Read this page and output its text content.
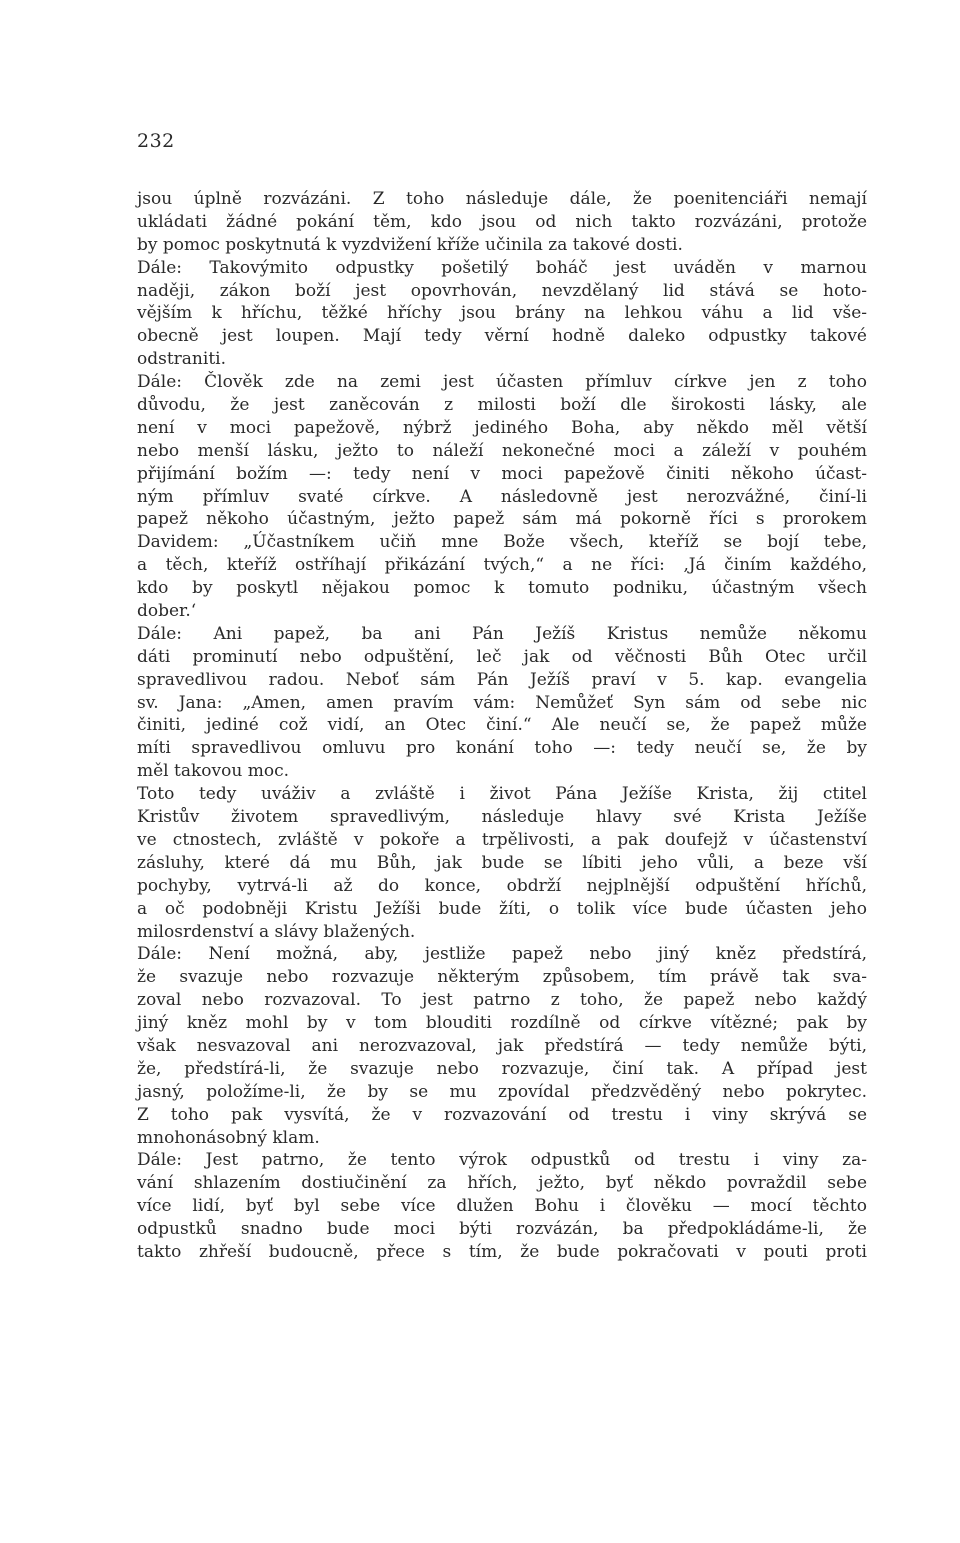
232
jsou úplně rozvázáni. Z toho následuje dále, že poenitenciáři nemají
ukládati žádné pokání těm, kdo jsou od nich takto rozvázáni, protože
by pomoc poskytnutá k vyzdvižení kříže učinila za takové dosti.
Dále: Takovýmito odpustky pošetilý boháč jest uváděn v marnou
naději, zákon boží jest opovrhován, nevzdělaný lid stává se hoto-
vějším k hříchu, těžké hříchy jsou brány na lehkou váhu a lid vše-
obecně jest loupen. Mají tedy věrní hodně daleko odpustky takové
odstraniti.
Dále: Člověk zde na zemi jest účasten přímluv církve jen z toho
důvodu, že jest zaněcován z milosti boží dle širokosti lásky, ale
není v moci papežově, nýbrž jediného Boha, aby někdo měl větší
nebo menší lásku, ježto to náleží nekonečné moci a záleží v pouhém
přijímání božím —: tedy není v moci papežově činiti někoho účast-
ným přímluv svaté církve. A následovně jest nerozvážné, činí-li
papež někoho účastným, ježto papež sám má pokorně říci s prorokem
Davidem: „Účastníkem učiň mne Bože všech, kteříž se bojí tebe,
a těch, kteříž ostříhají přikázání tvých,“ a ne říci: ‚Já činím každého,
kdo by poskytl nějakou pomoc k tomuto podniku, účastným všech
dober.‘
Dále: Ani papež, ba ani Pán Ježíš Kristus nemůže někomu
dáti prominutí nebo odpuštění, leč jak od věčnosti Bůh Otec určil
spravedlivou radou. Neboť sám Pán Ježíš praví v 5. kap. evangelia
sv. Jana: „Amen, amen pravím vám: Nemůžeť Syn sám od sebe nic
činiti, jediné což vidí, an Otec činí.“ Ale neučí se, že papež může
míti spravedlivou omluvu pro konání toho —: tedy neučí se, že by
měl takovou moc.
Toto tedy uváživ a zvláště i život Pána Ježíše Krista, žij ctitel
Kristův životem spravedlivým, následuje hlavy své Krista Ježíše
ve ctnostech, zvláště v pokoře a trpělivosti, a pak doufejž v účastenství
zásluhy, které dá mu Bůh, jak bude se líbiti jeho vůli, a beze vší
pochyby, vytrvá-li až do konce, obdrží nejplnější odpuštění hříchů,
a oč podobněji Kristu Ježíši bude žíti, o tolik více bude účasten jeho
milosrdenství a slávy blažených.
Dále: Není možná, aby, jestliže papež nebo jiný kněz předstírá,
že svazuje nebo rozvazuje některým způsobem, tím právě tak sva-
zoval nebo rozvazoval. To jest patrno z toho, že papež nebo každý
jiný kněz mohl by v tom blouditi rozdílně od církve vítězné; pak by
však nesvazoval ani nerozvazoval, jak předstírá — tedy nemůže býti,
že, předstírá-li, že svazuje nebo rozvazuje, činí tak. A případ jest
jasný, položíme-li, že by se mu zpovídal předzvěděný nebo pokrytec.
Z toho pak vysvítá, že v rozvazování od trestu i viny skrývá se
mnohonásobný klam.
Dále: Jest patrno, že tento výrok odpustků od trestu i viny za-
vání shlazením dostiučinění za hřích, ježto, byť někdo povraždil sebe
více lidí, byť byl sebe více dlužen Bohu i člověku — mocí těchto
odpustků snadno bude moci býti rozvázán, ba předpokládáme-li, že
takto zhřeší budoucně, přece s tím, že bude pokračovati v pouti proti
